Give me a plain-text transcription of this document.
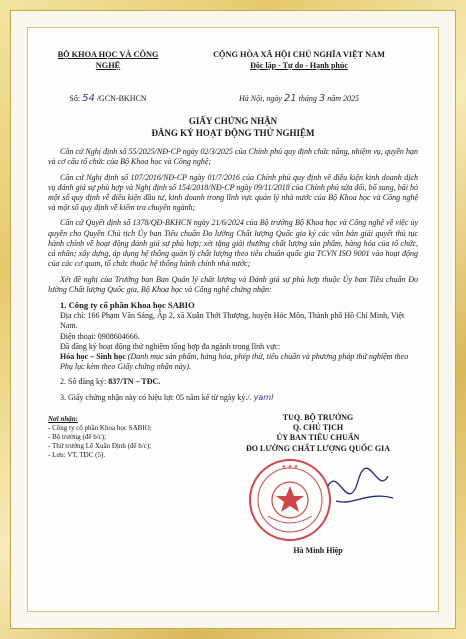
BỘ KHOA HỌC VÀ CÔNG NGHỆ
Số: 54 /GCN-BKHCN
CỘNG HÒA XÃ HỘI CHỦ NGHĨA VIỆT NAM
Độc lập - Tự do - Hạnh phúc
Hà Nội, ngày 21 tháng 3 năm 2025
GIẤY CHỨNG NHẬN
ĐĂNG KÝ HOẠT ĐỘNG THỬ NGHIỆM
Căn cứ Nghị định số 55/2025/NĐ-CP ngày 02/3/2025 của Chính phủ quy định chức năng, nhiệm vụ, quyền hạn và cơ cấu tổ chức của Bộ Khoa học và Công nghệ;
Căn cứ Nghị định số 107/2016/NĐ-CP ngày 01/7/2016 của Chính phủ quy định về điều kiện kinh doanh dịch vụ đánh giá sự phù hợp và Nghị định số 154/2018/NĐ-CP ngày 09/11/2018 của Chính phủ sửa đổi, bổ sung, bãi bỏ một số quy định về điều kiện đầu tư, kinh doanh trong lĩnh vực quản lý nhà nước của Bộ Khoa học và Công nghệ và một số quy định về kiểm tra chuyên ngành;
Căn cứ Quyết định số 1378/QĐ-BKHCN ngày 21/6/2024 của Bộ trưởng Bộ Khoa học và Công nghệ về việc ủy quyền cho Quyền Chủ tịch Ủy ban Tiêu chuẩn Đo lường Chất lượng Quốc gia ký các văn bản giải quyết thủ tục hành chính về hoạt động đánh giá sự phù hợp; xét tặng giải thưởng chất lượng sản phẩm, hàng hóa của tổ chức, cá nhân; xây dựng, áp dụng hệ thống quản lý chất lượng theo tiêu chuẩn quốc gia TCVN ISO 9001 vào hoạt động của các cơ quan, tổ chức thuộc hệ thống hành chính nhà nước;
Xét đề nghị của Trưởng ban Ban Quản lý chất lượng và Đánh giá sự phù hợp thuộc Ủy ban Tiêu chuẩn Đo lường Chất lượng Quốc gia, Bộ Khoa học và Công nghệ chứng nhận:
1. Công ty cổ phần Khoa học SABIO
Địa chỉ: 166 Phạm Văn Sáng, Ấp 2, xã Xuân Thới Thượng, huyện Hóc Môn, Thành phố Hồ Chí Minh, Việt Nam.
Điện thoại: 0908604666.
Đã đăng ký hoạt động thử nghiệm tổng hợp đa ngành trong lĩnh vực:
Hóa học – Sinh học (Danh mục sản phẩm, hàng hóa, phép thử, tiêu chuẩn và phương pháp thử nghiệm theo Phụ lục kèm theo Giấy chứng nhận này).
2. Số đăng ký: 837/TN – TĐC.
3. Giấy chứng nhận này có hiệu lực 05 năm kể từ ngày ký./. yaml
Nơi nhận:
- Công ty cổ phần Khoa học SABIO;
- Bộ trưởng (để b/c);
- Thứ trưởng Lê Xuân Định (để b/c);
- Lưu: VT, TĐC (5).
TUQ. BỘ TRƯỞNG
Q. CHỦ TỊCH
ỦY BAN TIÊU CHUẨN
ĐO LƯỜNG CHẤT LƯỢNG QUỐC GIA
★ ★ ★
Hà Minh Hiệp
